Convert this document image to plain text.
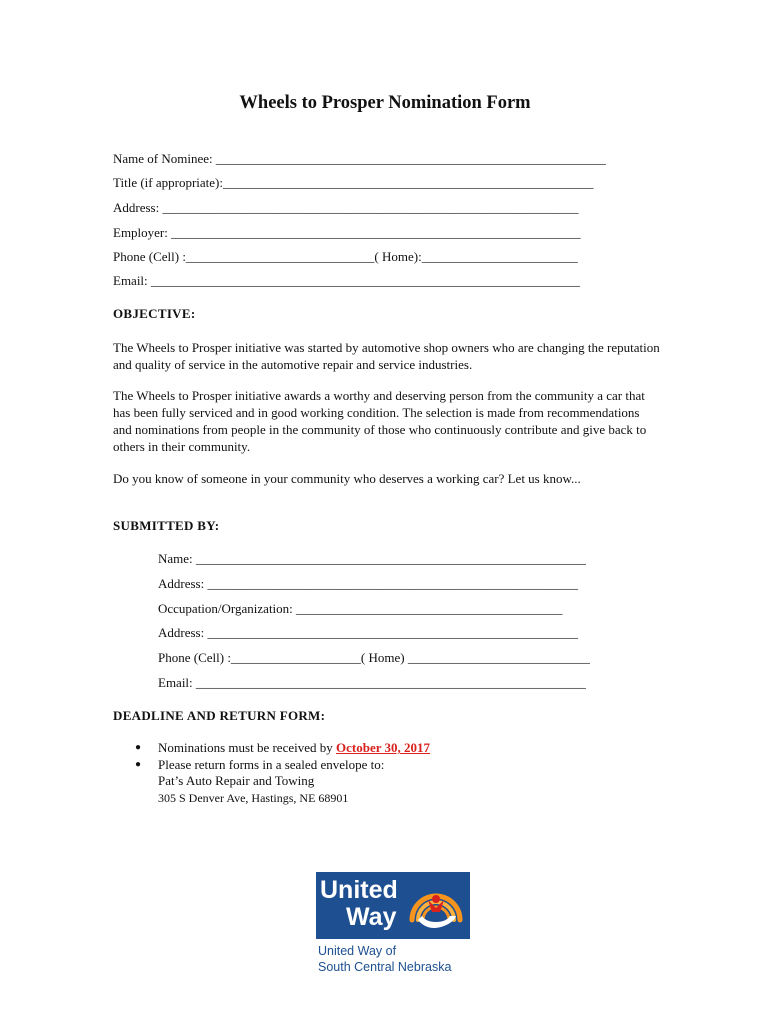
Wheels to Prosper Nomination Form
Name of Nominee: ____________________________________________________________
Title (if appropriate):_________________________________________________________
Address: ________________________________________________________________
Employer: _______________________________________________________________
Phone (Cell) :_____________________________( Home):________________________
Email: __________________________________________________________________
OBJECTIVE:
The Wheels to Prosper initiative was started by automotive shop owners who are changing the reputation and quality of service in the automotive repair and service industries.
The Wheels to Prosper initiative awards a worthy and deserving person from the community a car that has been fully serviced and in good working condition. The selection is made from recommendations and nominations from people in the community of those who continuously contribute and give back to others in their community.
Do you know of someone in your community who deserves a working car? Let us know...
SUBMITTED BY:
Name: ____________________________________________________________
Address: _________________________________________________________
Occupation/Organization: _________________________________________
Address: _________________________________________________________
Phone (Cell) :____________________( Home) ____________________________
Email: ____________________________________________________________
DEADLINE AND RETURN FORM:
●	Nominations must be received by October 30, 2017
●	Please return forms in a sealed envelope to:
Pat’s Auto Repair and Towing
305 S Denver Ave, Hastings, NE 68901
United
Way
United Way of
South Central Nebraska
